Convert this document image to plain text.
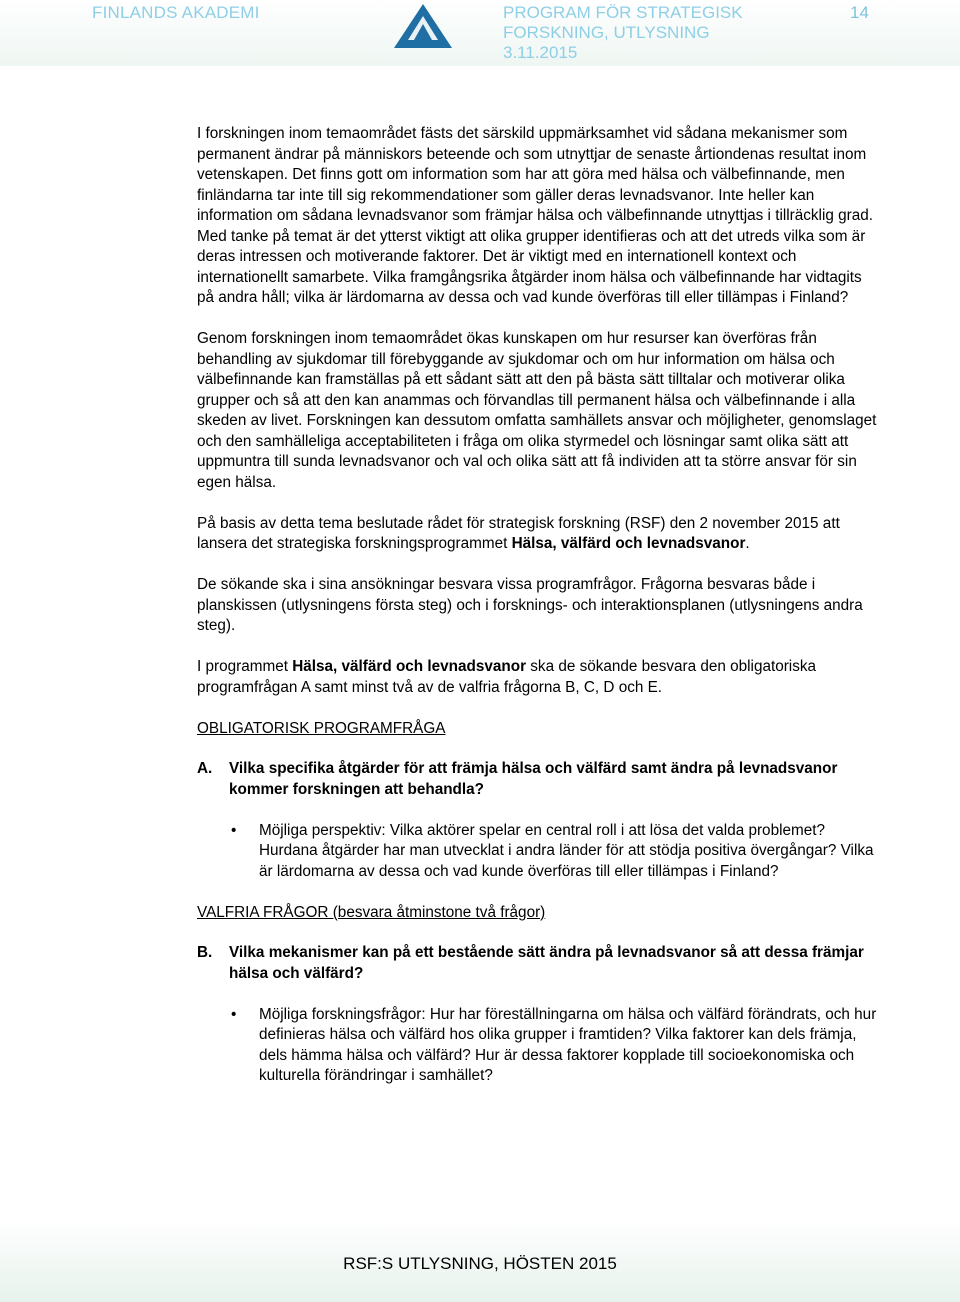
FINLANDS AKADEMI	PROGRAM FÖR STRATEGISK
FORSKNING, UTLYSNING
3.11.2015
14

I forskningen inom temaområdet fästs det särskild uppmärksamhet vid sådana mekanismer som permanent ändrar på människors beteende och som utnyttjar de senaste årtiondenas resultat inom vetenskapen. Det finns gott om information som har att göra med hälsa och välbefinnande, men finländarna tar inte till sig rekommendationer som gäller deras levnadsvanor. Inte heller kan information om sådana levnadsvanor som främjar hälsa och välbefinnande utnyttjas i tillräcklig grad. Med tanke på temat är det ytterst viktigt att olika grupper identifieras och att det utreds vilka som är deras intressen och motiverande faktorer. Det är viktigt med en internationell kontext och internationellt samarbete. Vilka framgångsrika åtgärder inom hälsa och välbefinnande har vidtagits på andra håll; vilka är lärdomarna av dessa och vad kunde överföras till eller tillämpas i Finland?

Genom forskningen inom temaområdet ökas kunskapen om hur resurser kan överföras från behandling av sjukdomar till förebyggande av sjukdomar och om hur information om hälsa och välbefinnande kan framställas på ett sådant sätt att den på bästa sätt tilltalar och motiverar olika grupper och så att den kan anammas och förvandlas till permanent hälsa och välbefinnande i alla skeden av livet. Forskningen kan dessutom omfatta samhällets ansvar och möjligheter, genomslaget och den samhälleliga acceptabiliteten i fråga om olika styrmedel och lösningar samt olika sätt att uppmuntra till sunda levnadsvanor och val och olika sätt att få individen att ta större ansvar för sin egen hälsa.

På basis av detta tema beslutade rådet för strategisk forskning (RSF) den 2 november 2015 att lansera det strategiska forskningsprogrammet Hälsa, välfärd och levnadsvanor.

De sökande ska i sina ansökningar besvara vissa programfrågor. Frågorna besvaras både i planskissen (utlysningens första steg) och i forsknings- och interaktionsplanen (utlysningens andra steg).

I programmet Hälsa, välfärd och levnadsvanor ska de sökande besvara den obligatoriska programfrågan A samt minst två av de valfria frågorna B, C, D och E.

OBLIGATORISK PROGRAMFRÅGA
A.	Vilka specifika åtgärder för att främja hälsa och välfärd samt ändra på levnadsvanor kommer forskningen att behandla?
•	Möjliga perspektiv: Vilka aktörer spelar en central roll i att lösa det valda problemet? Hurdana åtgärder har man utvecklat i andra länder för att stödja positiva övergångar? Vilka är lärdomarna av dessa och vad kunde överföras till eller tillämpas i Finland?
VALFRIA FRÅGOR (besvara åtminstone två frågor)
B.	Vilka mekanismer kan på ett bestående sätt ändra på levnadsvanor så att dessa främjar hälsa och välfärd?
•	Möjliga forskningsfrågor: Hur har föreställningarna om hälsa och välfärd förändrats, och hur definieras hälsa och välfärd hos olika grupper i framtiden? Vilka faktorer kan dels främja, dels hämma hälsa och välfärd? Hur är dessa faktorer kopplade till socioekonomiska och kulturella förändringar i samhället?
RSF:S UTLYSNING, HÖSTEN 2015
